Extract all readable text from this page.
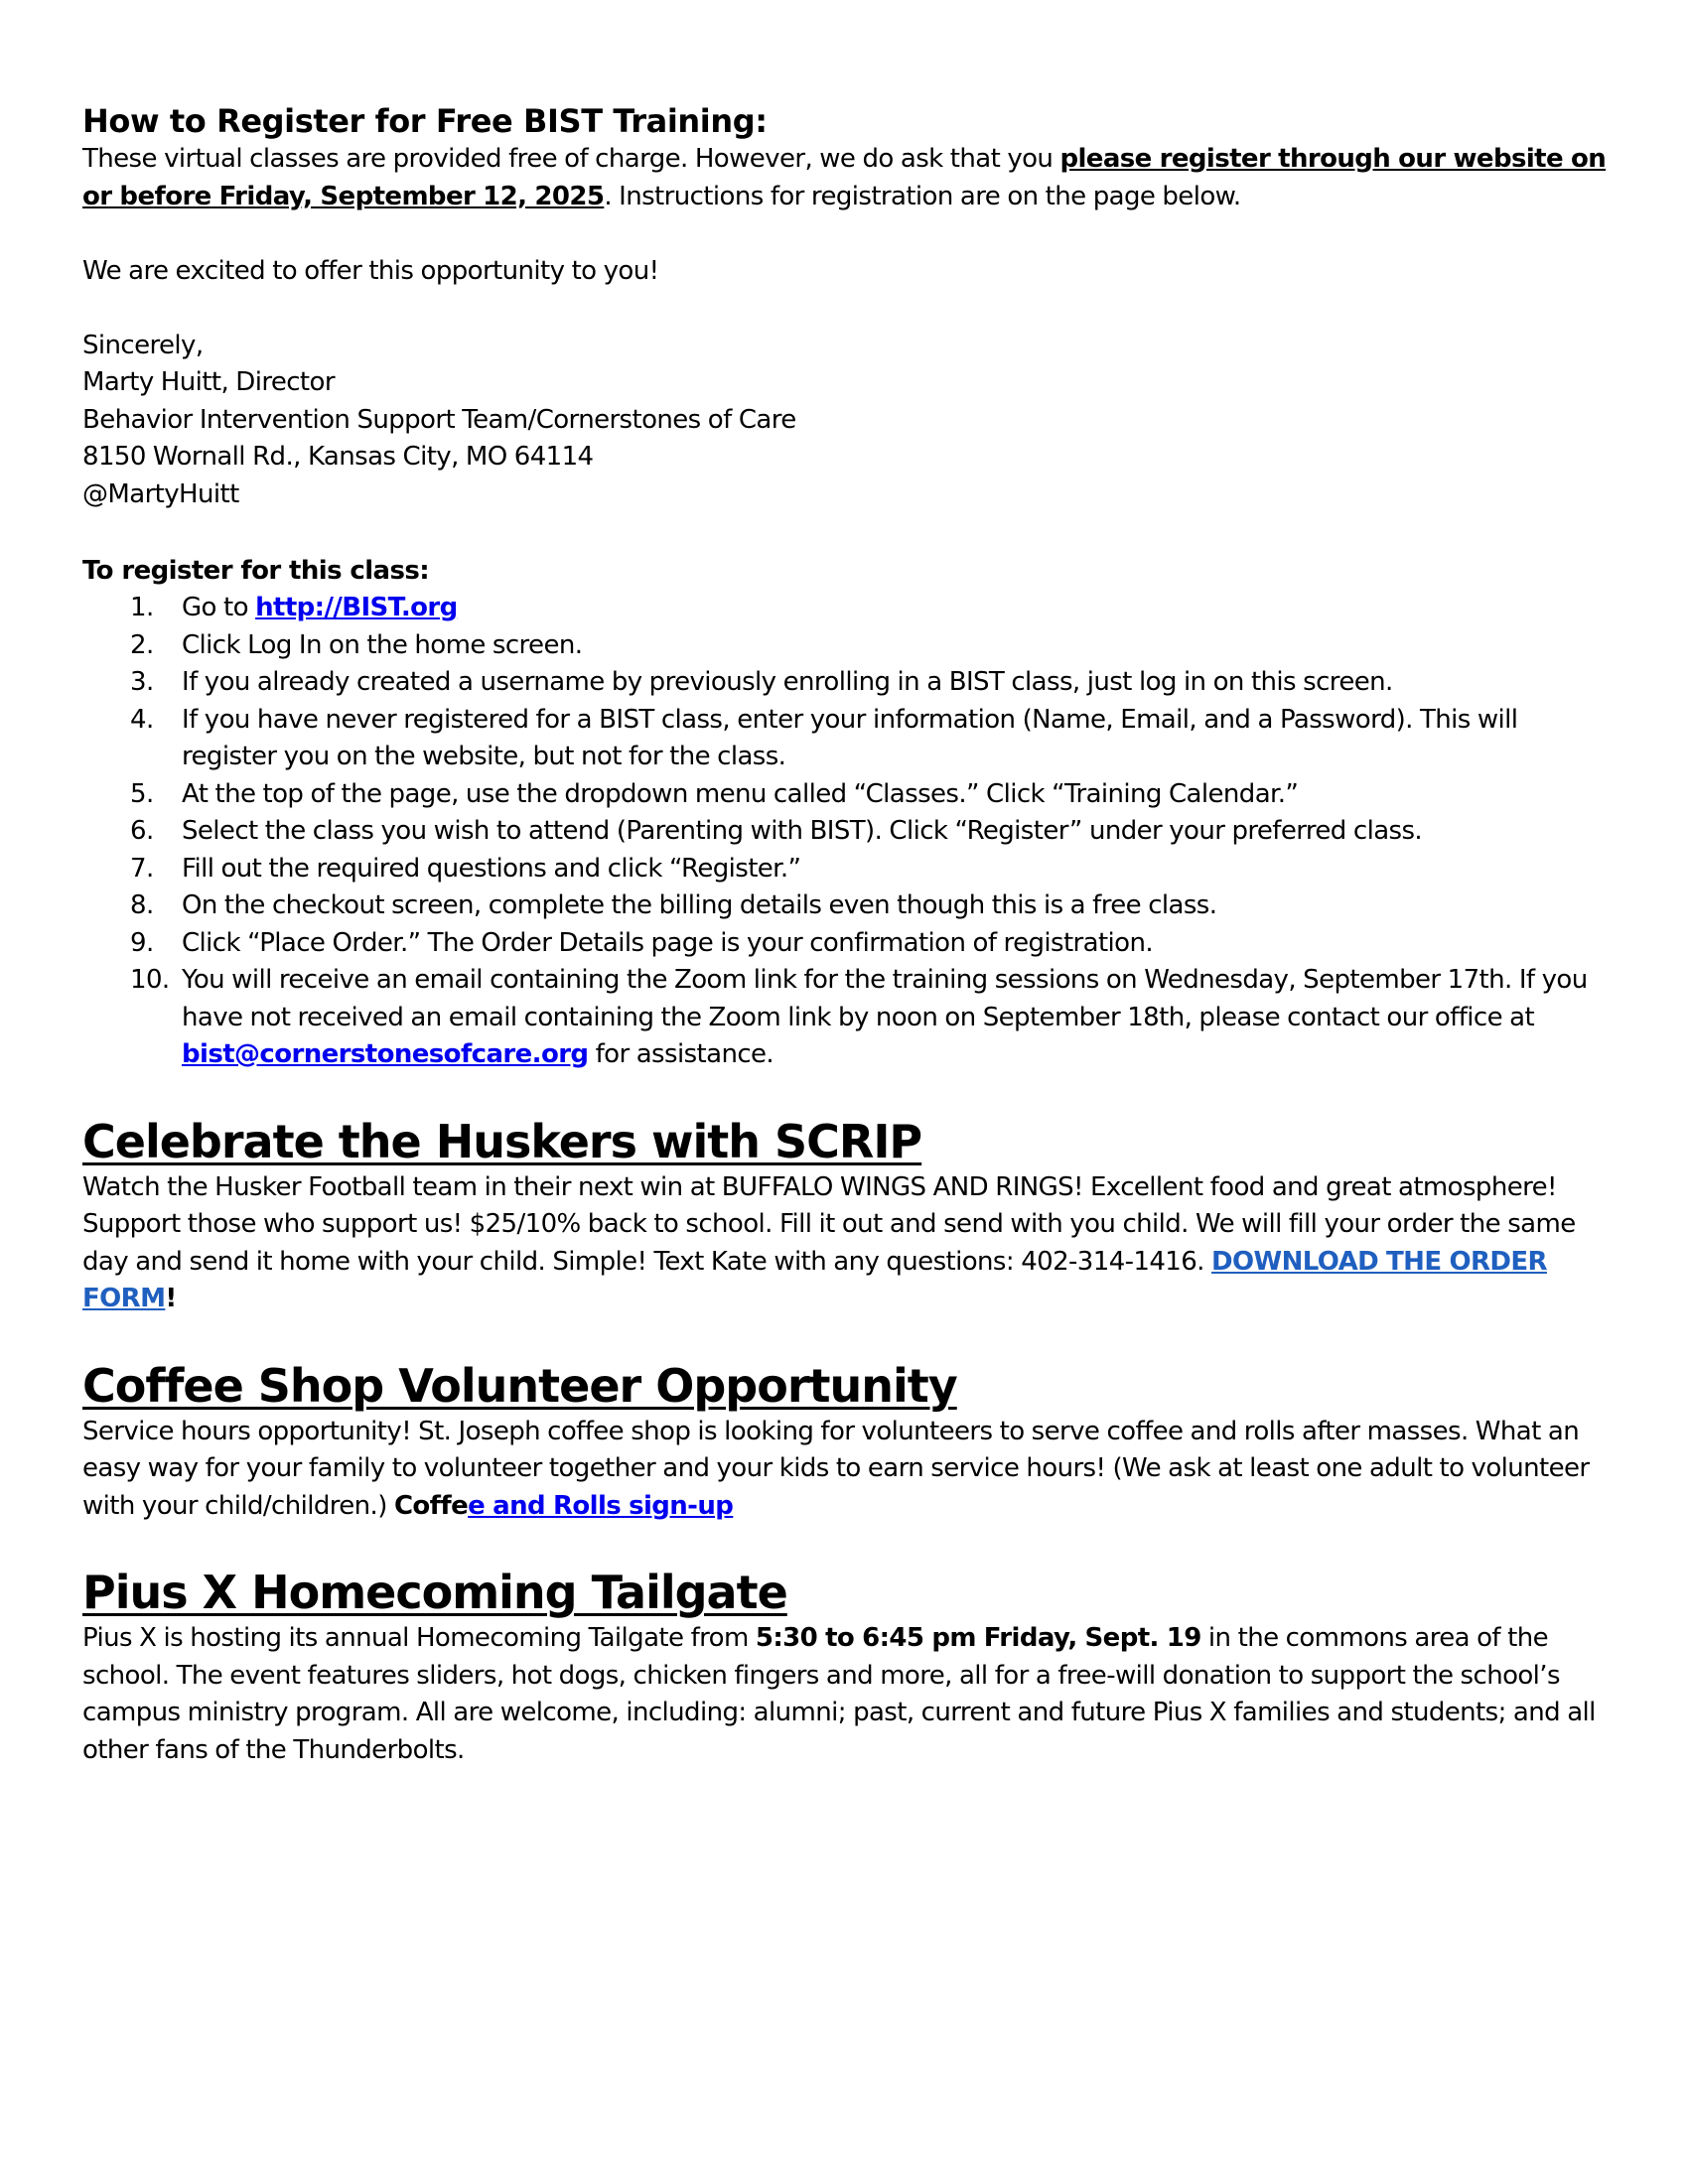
How to Register for Free BIST Training:

These virtual classes are provided free of charge. However, we do ask that you please register through our website on or before Friday, September 12, 2025. Instructions for registration are on the page below.

We are excited to offer this opportunity to you!

Sincerely,

Marty Huitt, Director

Behavior Intervention Support Team/Cornerstones of Care

8150 Wornall Rd., Kansas City, MO 64114

@MartyHuitt

To register for this class:

1.	Go to http://BIST.org
2.	Click Log In on the home screen.
3.	If you already created a username by previously enrolling in a BIST class, just log in on this screen.
4.	If you have never registered for a BIST class, enter your information (Name, Email, and a Password). This will register you on the website, but not for the class.
5.	At the top of the page, use the dropdown menu called “Classes.” Click “Training Calendar.”
6.	Select the class you wish to attend (Parenting with BIST). Click “Register” under your preferred class.
7.	Fill out the required questions and click “Register.”
8.	On the checkout screen, complete the billing details even though this is a free class.
9.	Click “Place Order.” The Order Details page is your confirmation of registration.
10. You will receive an email containing the Zoom link for the training sessions on Wednesday, September 17th. If you have not received an email containing the Zoom link by noon on September 18th, please contact our office at bist@cornerstonesofcare.org for assistance.
Celebrate the Huskers with SCRIP

Watch the Husker Football team in their next win at BUFFALO WINGS AND RINGS! Excellent food and great atmosphere! Support those who support us! $25/10% back to school. Fill it out and send with you child. We will fill your order the same day and send it home with your child. Simple! Text Kate with any questions: 402-314-1416. DOWNLOAD THE ORDER FORM!

Coffee Shop Volunteer Opportunity

Service hours opportunity! St. Joseph coffee shop is looking for volunteers to serve coffee and rolls after masses. What an easy way for your family to volunteer together and your kids to earn service hours! (We ask at least one adult to volunteer with your child/children.) Coffee and Rolls sign-up

Pius X Homecoming Tailgate

Pius X is hosting its annual Homecoming Tailgate from 5:30 to 6:45 pm Friday, Sept. 19 in the commons area of the school. The event features sliders, hot dogs, chicken fingers and more, all for a free-will donation to support the school’s campus ministry program. All are welcome, including: alumni; past, current and future Pius X families and students; and all other fans of the Thunderbolts.
